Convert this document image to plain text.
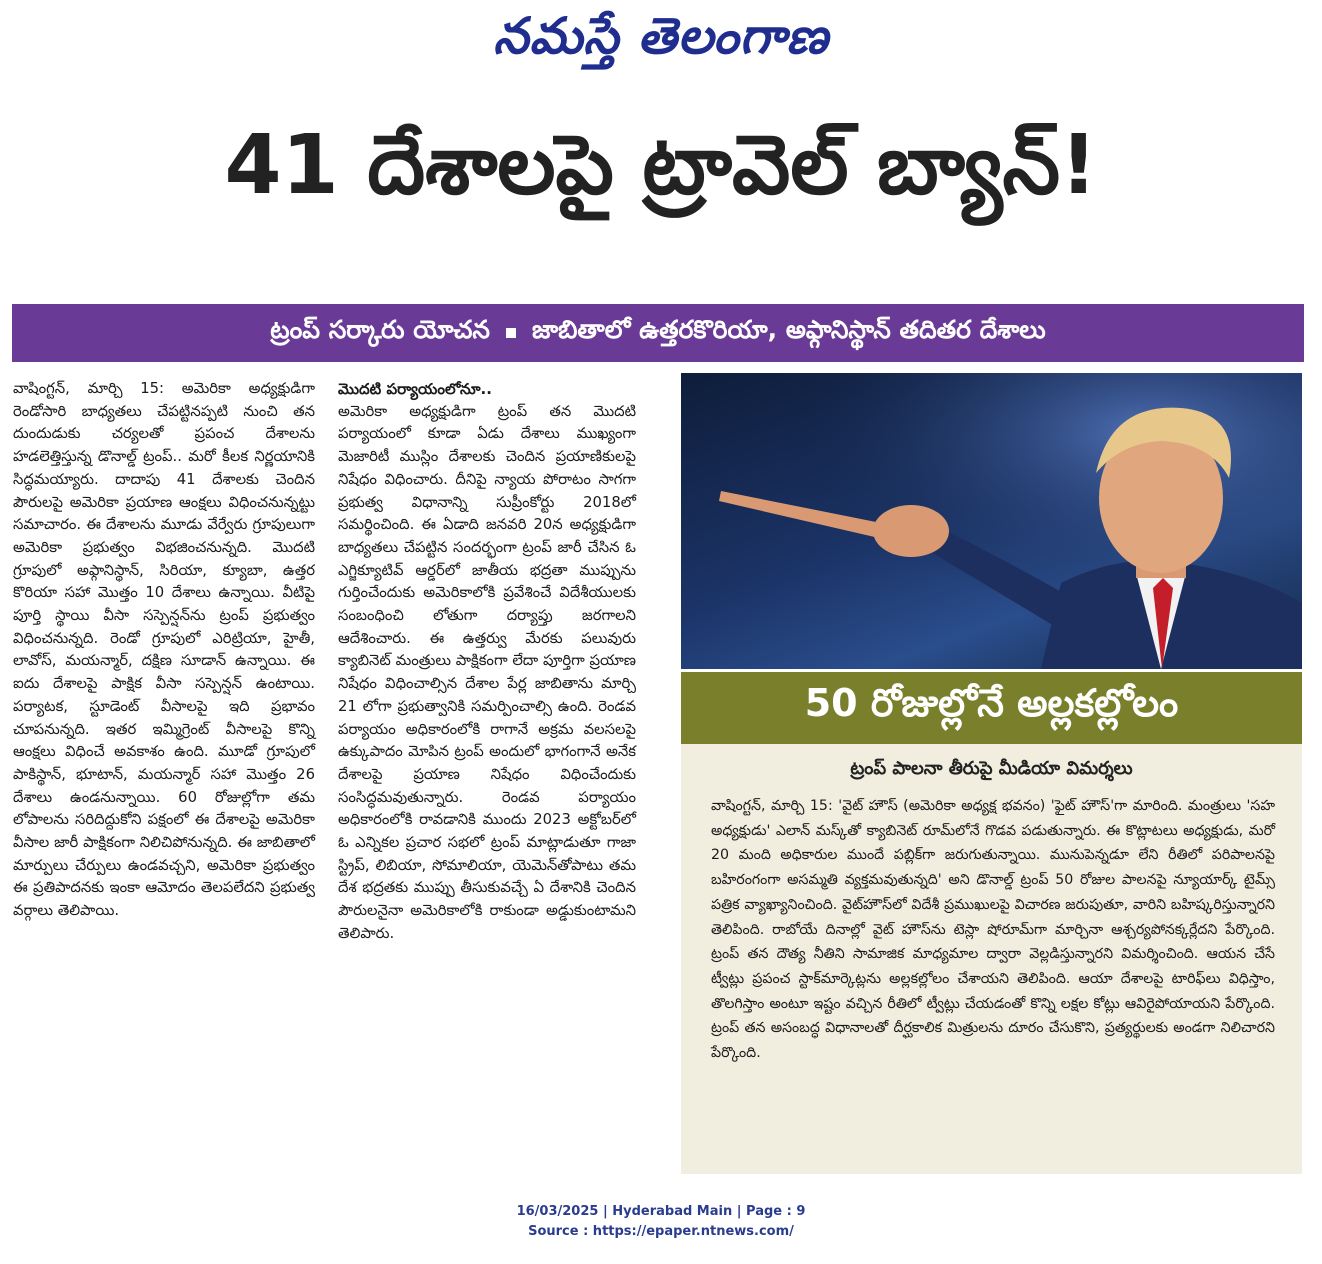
నమస్తే తెలంగాణ
41 దేశాలపై ట్రావెల్ బ్యాన్!
ట్రంప్ సర్కారు యోచన జాబితాలో ఉత్తరకొరియా, అఫ్గానిస్థాన్ తదితర దేశాలు

వాషింగ్టన్, మార్చి 15: అమెరికా అధ్యక్షుడిగా రెండోసారి బాధ్యతలు చేపట్టినప్పటి నుంచి తన దుందుడుకు చర్యలతో ప్రపంచ దేశాలను హడలెత్తిస్తున్న డొనాల్డ్ ట్రంప్.. మరో కీలక నిర్ణయానికి సిద్ధమయ్యారు. దాదాపు 41 దేశాలకు చెందిన పౌరులపై అమెరికా ప్రయాణ ఆంక్షలు విధించనున్నట్టు సమాచారం. ఈ దేశాలను మూడు వేర్వేరు గ్రూపులుగా అమెరికా ప్రభుత్వం విభజించనున్నది. మొదటి గ్రూపులో అఫ్గానిస్థాన్, సిరియా, క్యూబా, ఉత్తర కొరియా సహా మొత్తం 10 దేశాలు ఉన్నాయి. వీటిపై పూర్తి స్థాయి వీసా సస్పెన్షన్‌ను ట్రంప్ ప్రభుత్వం విధించనున్నది. రెండో గ్రూపులో ఎరిట్రియా, హైతీ, లావోస్, మయన్మార్, దక్షిణ సూడాన్ ఉన్నాయి. ఈ ఐదు దేశాలపై పాక్షిక వీసా సస్పెన్షన్ ఉంటాయి. పర్యాటక, స్టూడెంట్ వీసాలపై ఇది ప్రభావం చూపనున్నది. ఇతర ఇమ్మిగ్రెంట్ వీసాలపై కొన్ని ఆంక్షలు విధించే అవకాశం ఉంది. మూడో గ్రూపులో పాకిస్థాన్, భూటాన్, మయన్మార్ సహా మొత్తం 26 దేశాలు ఉండనున్నాయి. 60 రోజుల్లోగా తమ లోపాలను సరిదిద్దుకోని పక్షంలో ఈ దేశాలపై అమెరికా వీసాల జారీ పాక్షికంగా నిలిచిపోనున్నది. ఈ జాబితాలో మార్పులు చేర్పులు ఉండవచ్చని, అమెరికా ప్రభుత్వం ఈ ప్రతిపాదనకు ఇంకా ఆమోదం తెలపలేదని ప్రభుత్వ వర్గాలు తెలిపాయి.

మొదటి పర్యాయంలోనూ..

అమెరికా అధ్యక్షుడిగా ట్రంప్ తన మొదటి పర్యాయంలో కూడా ఏడు దేశాలు ముఖ్యంగా మెజారిటీ ముస్లిం దేశాలకు చెందిన ప్రయాణికులపై నిషేధం విధించారు. దీనిపై న్యాయ పోరాటం సాగగా ప్రభుత్వ విధానాన్ని సుప్రీంకోర్టు 2018లో సమర్థించింది. ఈ ఏడాది జనవరి 20న అధ్యక్షుడిగా బాధ్యతలు చేపట్టిన సందర్భంగా ట్రంప్ జారీ చేసిన ఓ ఎగ్జిక్యూటివ్ ఆర్డర్‌లో జాతీయ భద్రతా ముప్పును గుర్తించేందుకు అమెరికాలోకి ప్రవేశించే విదేశీయులకు సంబంధించి లోతుగా దర్యాప్తు జరగాలని ఆదేశించారు. ఈ ఉత్తర్వు మేరకు పలువురు క్యాబినెట్ మంత్రులు పాక్షికంగా లేదా పూర్తిగా ప్రయాణ నిషేధం విధించాల్సిన దేశాల పేర్ల జాబితాను మార్చి 21 లోగా ప్రభుత్వానికి సమర్పించాల్సి ఉంది. రెండవ పర్యాయం అధికారంలోకి రాగానే అక్రమ వలసలపై ఉక్కుపాదం మోపిన ట్రంప్ అందులో భాగంగానే అనేక దేశాలపై ప్రయాణ నిషేధం విధించేందుకు సంసిద్ధమవుతున్నారు. రెండవ పర్యాయం అధికారంలోకి రావడానికి ముందు 2023 అక్టోబర్‌లో ఓ ఎన్నికల ప్రచార సభలో ట్రంప్ మాట్లాడుతూ గాజా స్ట్రిప్, లిబియా, సోమాలియా, యెమెన్‌తోపాటు తమ దేశ భద్రతకు ముప్పు తీసుకువచ్చే ఏ దేశానికి చెందిన పౌరులనైనా అమెరికాలోకి రాకుండా అడ్డుకుంటామని తెలిపారు.

50 రోజుల్లోనే అల్లకల్లోలం
ట్రంప్ పాలనా తీరుపై మీడియా విమర్శలు
వాషింగ్టన్, మార్చి 15: 'వైట్ హౌస్ (అమెరికా అధ్యక్ష భవనం) 'ఫైట్ హౌస్'గా మారింది. మంత్రులు 'సహ అధ్యక్షుడు' ఎలాన్ మస్క్‌తో క్యాబినెట్ రూమ్‌లోనే గొడవ పడుతున్నారు. ఈ కొట్లాటలు అధ్యక్షుడు, మరో 20 మంది అధికారుల ముందే పబ్లిక్‌గా జరుగుతున్నాయి. మునుపెన్నడూ లేని రీతిలో పరిపాలనపై బహిరంగంగా అసమ్మతి వ్యక్తమవుతున్నది' అని డొనాల్డ్ ట్రంప్ 50 రోజుల పాలనపై న్యూయార్క్ టైమ్స్ పత్రిక వ్యాఖ్యానించింది. వైట్‌హౌస్‌లో విదేశీ ప్రముఖులపై విచారణ జరుపుతూ, వారిని బహిష్కరిస్తున్నారని తెలిపింది. రాబోయే దినాల్లో వైట్ హౌస్‌ను టెస్లా షోరూమ్‌గా మార్చినా ఆశ్చర్యపోనక్కర్లేదని పేర్కొంది. ట్రంప్ తన దౌత్య నీతిని సామాజిక మాధ్యమాల ద్వారా వెల్లడిస్తున్నారని విమర్శించింది. ఆయన చేసే ట్వీట్లు ప్రపంచ స్టాక్‌మార్కెట్లను అల్లకల్లోలం చేశాయని తెలిపింది. ఆయా దేశాలపై టారిఫ్‌లు విధిస్తాం, తొలగిస్తాం అంటూ ఇష్టం వచ్చిన రీతిలో ట్వీట్లు చేయడంతో కొన్ని లక్షల కోట్లు ఆవిరైపోయాయని పేర్కొంది. ట్రంప్ తన అసంబద్ధ విధానాలతో దీర్ఘకాలిక మిత్రులను దూరం చేసుకొని, ప్రత్యర్థులకు అండగా నిలిచారని పేర్కొంది.
16/03/2025 | Hyderabad Main | Page : 9
Source : https://epaper.ntnews.com/
